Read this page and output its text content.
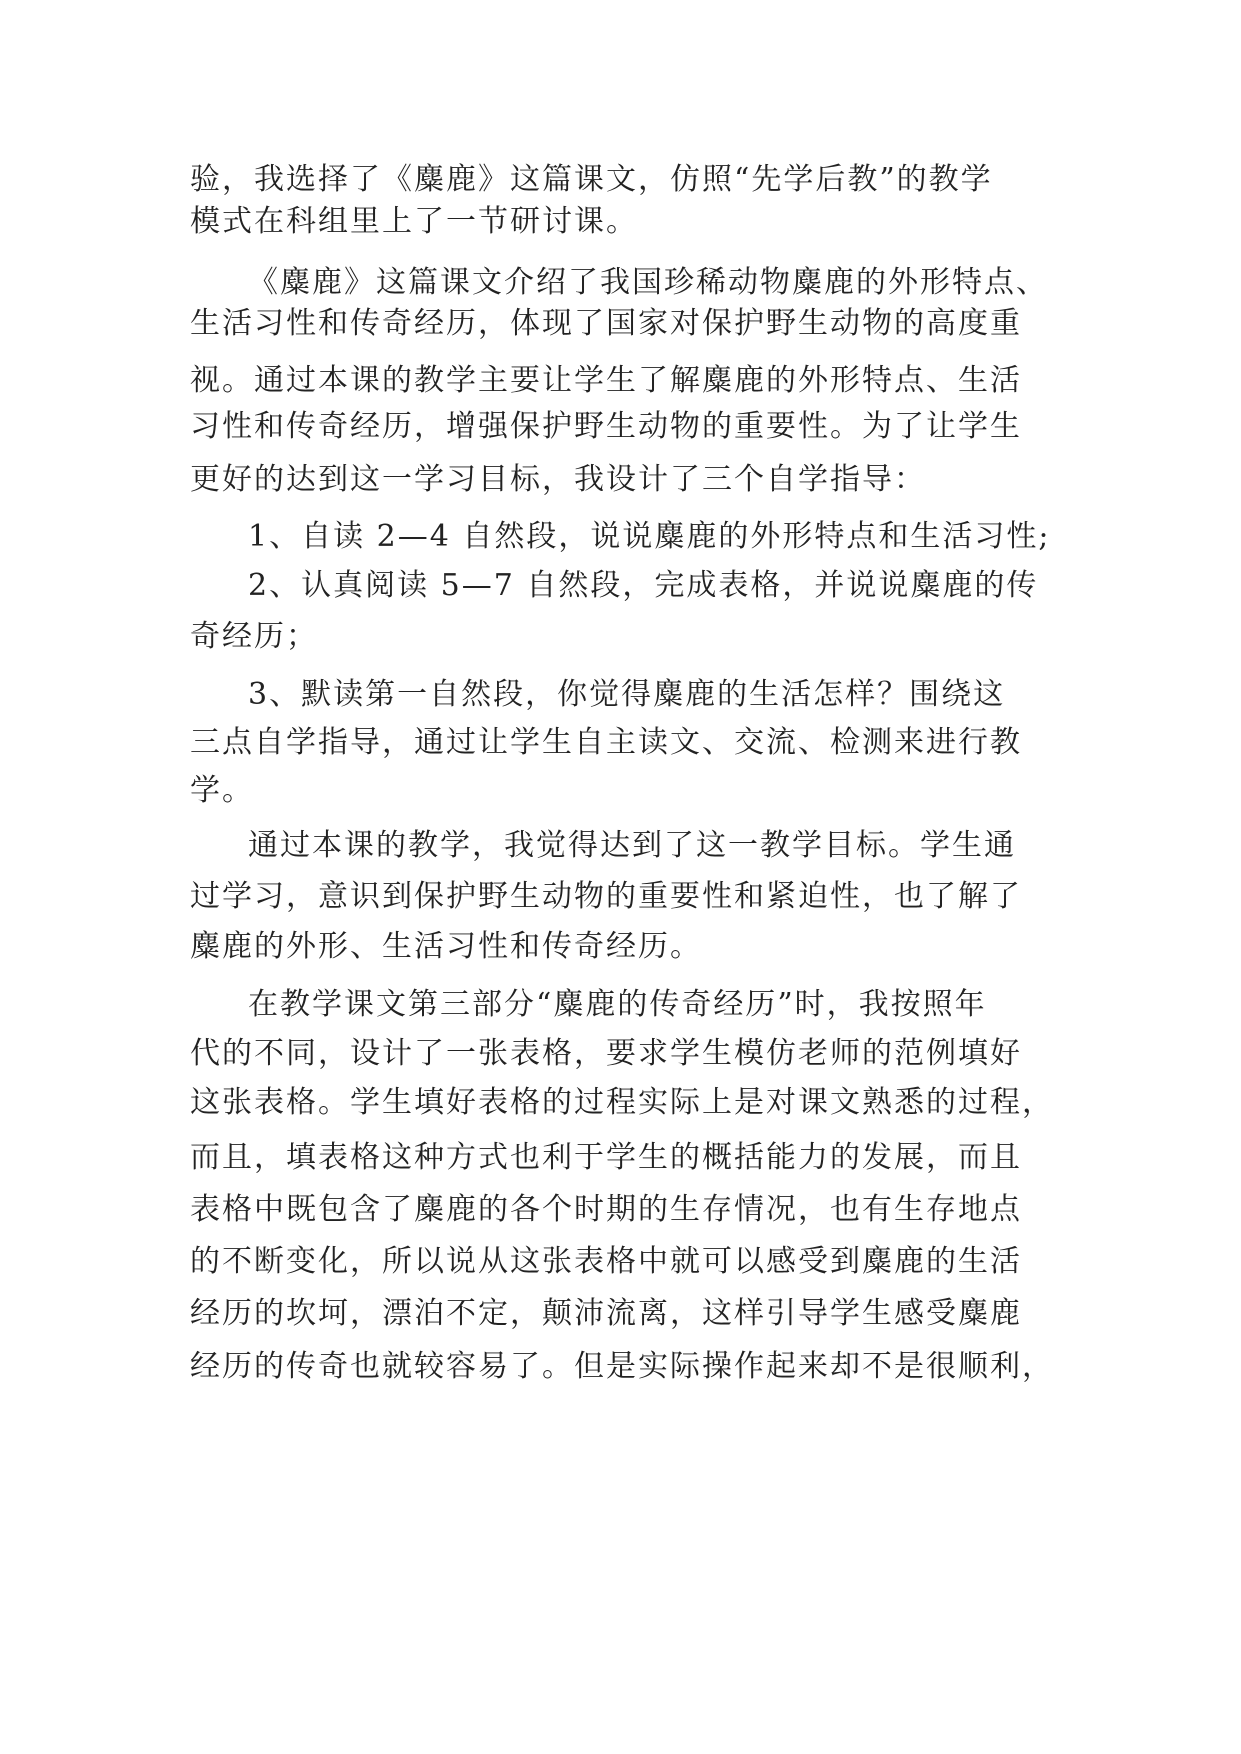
验，我选择了《麋鹿》这篇课文，仿照“先学后教”的教学
模式在科组里上了一节研讨课。
《麋鹿》这篇课文介绍了我国珍稀动物麋鹿的外形特点、
生活习性和传奇经历，体现了国家对保护野生动物的高度重
视。通过本课的教学主要让学生了解麋鹿的外形特点、生活
习性和传奇经历，增强保护野生动物的重要性。为了让学生
更好的达到这一学习目标，我设计了三个自学指导：
1、自读 2—4 自然段，说说麋鹿的外形特点和生活习性;
2、认真阅读 5—7 自然段，完成表格，并说说麋鹿的传
奇经历；
3、默读第一自然段，你觉得麋鹿的生活怎样？围绕这
三点自学指导，通过让学生自主读文、交流、检测来进行教
学。
通过本课的教学，我觉得达到了这一教学目标。学生通
过学习，意识到保护野生动物的重要性和紧迫性，也了解了
麋鹿的外形、生活习性和传奇经历。
在教学课文第三部分“麋鹿的传奇经历”时，我按照年
代的不同，设计了一张表格，要求学生模仿老师的范例填好
这张表格。学生填好表格的过程实际上是对课文熟悉的过程，
而且，填表格这种方式也利于学生的概括能力的发展，而且
表格中既包含了麋鹿的各个时期的生存情况，也有生存地点
的不断变化，所以说从这张表格中就可以感受到麋鹿的生活
经历的坎坷，漂泊不定，颠沛流离，这样引导学生感受麋鹿
经历的传奇也就较容易了。但是实际操作起来却不是很顺利，
